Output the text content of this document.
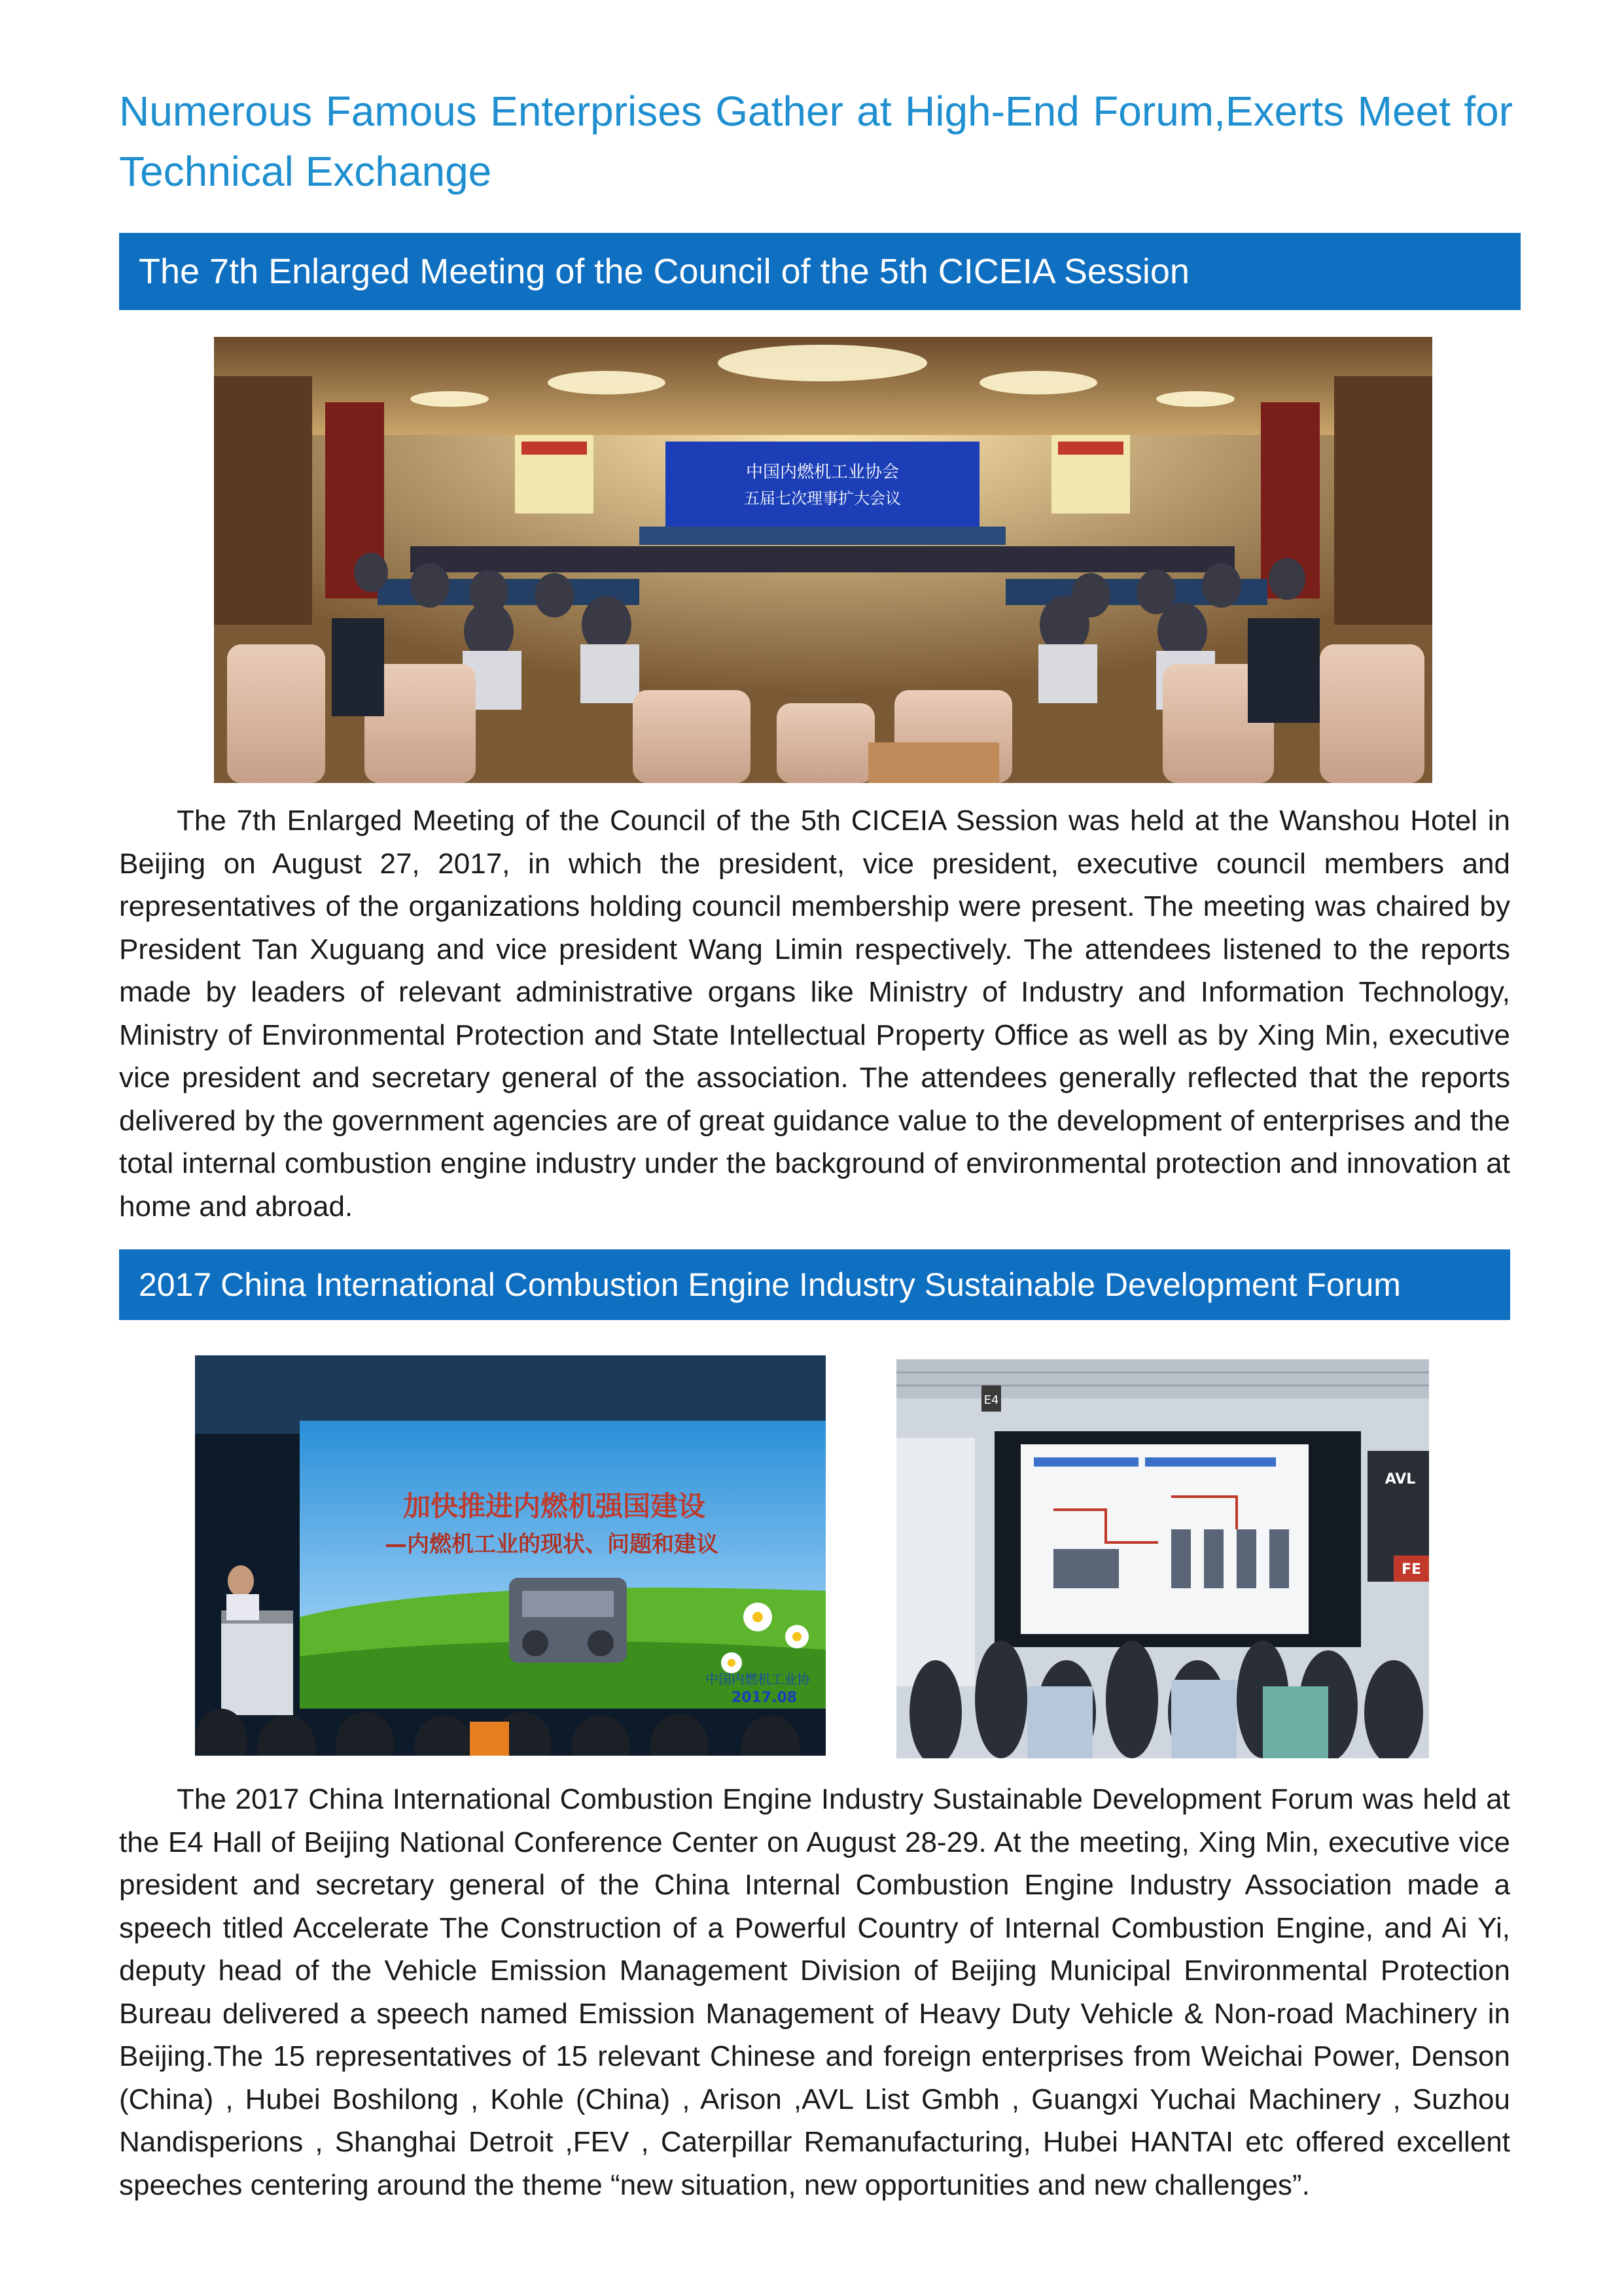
Numerous Famous Enterprises Gather at High-End Forum,Exerts Meet for Technical Exchange
The 7th Enlarged Meeting of the Council of the 5th CICEIA Session
中国内燃机工业协会
五届七次理事扩大会议

The 7th Enlarged Meeting of the Council of the 5th CICEIA Session was held at the Wanshou Hotel in Beijing on August 27, 2017, in which the president, vice president, executive council members and representatives of the organizations holding council membership were present. The meeting was chaired by President Tan Xuguang and vice president Wang Limin respectively. The attendees listened to the reports made by leaders of relevant administrative organs like Ministry of Industry and Information Technology, Ministry of Environmental Protection and State Intellectual Property Office as well as by Xing Min, executive vice president and secretary general of the association. The attendees generally reflected that the reports delivered by the government agencies are of great guidance value to the development of enterprises and the total internal combustion engine industry under the background of environmental protection and innovation at home and abroad.

2017 China International Combustion Engine Industry Sustainable Development Forum
加快推进内燃机强国建设
—内燃机工业的现状、问题和建议
中国内燃机工业协
2017.08
E4
AVL
FE

The 2017 China International Combustion Engine Industry Sustainable Development Forum was held at the E4 Hall of Beijing National Conference Center on August 28-29. At the meeting, Xing Min, executive vice president and secretary general of the China Internal Combustion Engine Industry Association made a speech titled Accelerate The Construction of a Powerful Country of Internal Combustion Engine, and Ai Yi, deputy head of the Vehicle Emission Management Division of Beijing Municipal Environmental Protection Bureau delivered a speech named Emission Management of Heavy Duty Vehicle & Non-road Machinery in Beijing.The 15 representatives of 15 relevant Chinese and foreign enterprises from Weichai Power, Denson (China) , Hubei Boshilong , Kohle (China) , Arison ,AVL List Gmbh , Guangxi Yuchai Machinery , Suzhou Nandisperions , Shanghai Detroit ,FEV , Caterpillar Remanufacturing, Hubei HANTAI etc offered excellent speeches centering around the theme “new situation, new opportunities and new challenges”.
